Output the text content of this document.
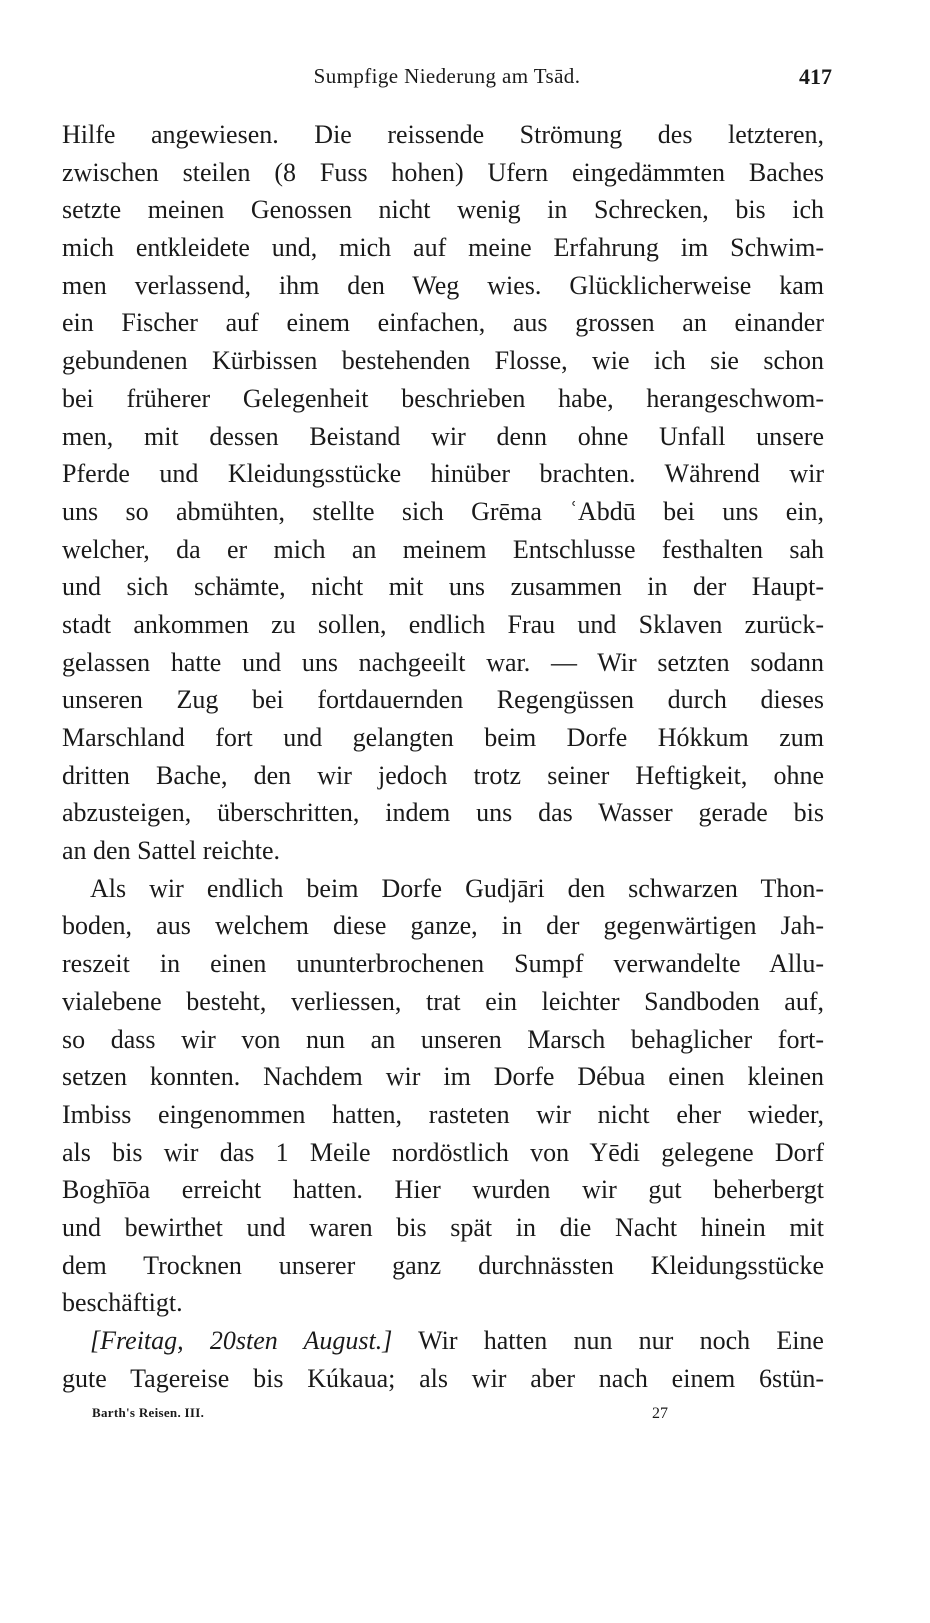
Sumpfige Niederung am Tsād.	417
Hilfe angewiesen. Die reissende Strömung des letzteren,
zwischen steilen (8 Fuss hohen) Ufern eingedämmten Baches
setzte meinen Genossen nicht wenig in Schrecken, bis ich
mich entkleidete und, mich auf meine Erfahrung im Schwim-
men verlassend, ihm den Weg wies. Glücklicherweise kam
ein Fischer auf einem einfachen, aus grossen an einander
gebundenen Kürbissen bestehenden Flosse, wie ich sie schon
bei früherer Gelegenheit beschrieben habe, herangeschwom-
men, mit dessen Beistand wir denn ohne Unfall unsere
Pferde und Kleidungsstücke hinüber brachten. Während wir
uns so abmühten, stellte sich Grēma ʿAbdū bei uns ein,
welcher, da er mich an meinem Entschlusse festhalten sah
und sich schämte, nicht mit uns zusammen in der Haupt-
stadt ankommen zu sollen, endlich Frau und Sklaven zurück-
gelassen hatte und uns nachgeeilt war. — Wir setzten sodann
unseren Zug bei fortdauernden Regengüssen durch dieses
Marschland fort und gelangten beim Dorfe Hókkum zum
dritten Bache, den wir jedoch trotz seiner Heftigkeit, ohne
abzusteigen, überschritten, indem uns das Wasser gerade bis
an den Sattel reichte.
Als wir endlich beim Dorfe Gudjāri den schwarzen Thon-
boden, aus welchem diese ganze, in der gegenwärtigen Jah-
reszeit in einen ununterbrochenen Sumpf verwandelte Allu-
vialebene besteht, verliessen, trat ein leichter Sandboden auf,
so dass wir von nun an unseren Marsch behaglicher fort-
setzen konnten. Nachdem wir im Dorfe Débua einen kleinen
Imbiss eingenommen hatten, rasteten wir nicht eher wieder,
als bis wir das 1 Meile nordöstlich von Yēdi gelegene Dorf
Boghīōa erreicht hatten. Hier wurden wir gut beherbergt
und bewirthet und waren bis spät in die Nacht hinein mit
dem Trocknen unserer ganz durchnässten Kleidungsstücke
beschäftigt.
[Freitag, 20sten August.] Wir hatten nun nur noch Eine
gute Tagereise bis Kúkaua; als wir aber nach einem 6stün-
Barth's Reisen. III.	27
